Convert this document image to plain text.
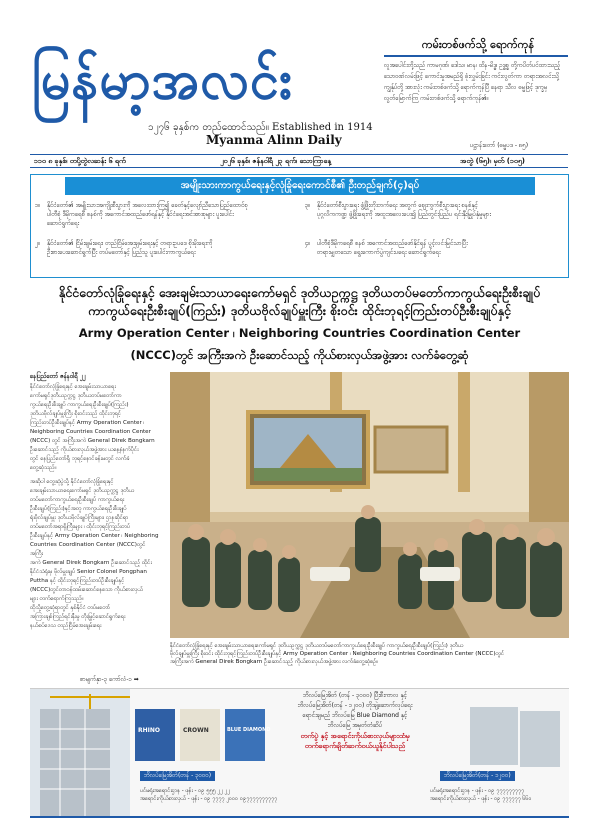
မြန်မာ့အလင်း
၁၂၇၆ ခုနှစ်က တည်ထောင်သည်။ Established in 1914
Myanma Alinn Daily
ကမ်းတစ်ဖက်သို့ ရောက်ကုန်
လူအပေါင်းတို့သည် ကာမဂုဏ်၊ ဒေါသ၊ မာန၊ ထိန-မိဒ္ဓ၊ ဥဒ္ဓစ္စ တို့ကပိတ်ပင်ထားသည့် သောဝဏ်လမ်းဖြင့် ကောင်းမှုအမည်ရှိ ဖုံးလွှမ်းခြင်း ကင်းလွတ်ကာ တရားအလင်းသို့ ကျွန်ုပ်တို့ အားလုံး ကမ်းတစ်ဖက်သို့ ရောက်ကုန်ပြီ နေရာ သီလ ဓမ္မဖြင့် ဒုက္ခမှ လွတ်မြောက်ကြ ကမ်းတစ်ဖက်သို့ ရောက်ကုန်၏။
ပဋ္ဌာန်းတော် (ဓမ္မပဒ - ၈၅)
၁၁၀ ၈ ခုနှစ်၊ တပို့တွဲလဆန်း ၆ ရက်	၂၀၂၆ ခုနှစ်၊ ဇန်နဝါရီ ၂၃ ရက်၊ သောကြာနေ့	အတွဲ (၆၅)၊ မှတ် (၁၀၅)
အမျိုးသားကာကွယ်ရေးနှင့်လုံခြုံရေးကောင်စီ၏ ဦးတည်ချက်(၄)ရပ်
၁။ နိုင်ငံတော်၏ အမျိုးသားအကျိုးစီးပွားကို အလေးထားကြ၍ ခေတ်နှင့်လျော်ညီသောပြည်ထောင်စု
ပါတီစုံ ဒီမိုကရေစီ စနစ်ကို အကောင်အထည်ဖော်ရန်နှင့် နိုင်ငံရေးအင်အားစုများ ပူးပေါင်း
ဆောင်ရွက်ရေး
၂။ နိုင်ငံတော်၏ ငြိမ်းချမ်းရေး၊ တည်ငြိမ်အေးချမ်းရေးနှင့် တရားဥပဒေ စိုးမိုးရေးကို
ဦးစားပေးဆောင်ရွက်ပြီး တပ်မတော်နှင့် ပြည်သူ ပူးပေါင်းကာကွယ်ရေး
၃။ နိုင်ငံတော်စီးပွားရေး ဖွံ့ဖြိုးတိုးတက်ရေး အတွက် ဈေးကွက်စီးပွားရေး စနစ်နှင့်
ပုဂ္ဂလိကကဏ္ဍ ဖွံ့ဖြိုးရေးကို အထူးအလေးပေး၍ ပြည်တွင်းပြည်ပ ရင်းနှီးမြှုပ်နှံမှုများ
၄။ ပါတီစုံဒီမိုကရေစီ စနစ် အကောင်အထည်ဖော်နိုင်ရန် ပွင့်လင်းမြင်သာပြီး
တရားမျှတသော ရွေးကောက်ပွဲကျင်းပရေး ဆောင်ရွက်ရေး
နိုင်ငံတော်လုံခြုံရေးနှင့် အေးချမ်းသာယာရေးကော်မရှင် ဒုတိယဥက္ကဋ္ဌ ဒုတိယတပ်မတော်ကာကွယ်ရေးဦးစီးချုပ်
ကာကွယ်ရေးဦးစီးချုပ်(ကြည်း) ဒုတိယဗိုလ်ချုပ်မှူးကြီး စိုးဝင်း ထိုင်းဘုရင့်ကြည်းတပ်ဦးစီးချုပ်နှင့်
Army Operation Center ၊ Neighboring Countries Coordination Center
(NCCC)တွင် အကြီးအကဲ ဦးဆောင်သည့် ကိုယ်စားလှယ်အဖွဲ့အား လက်ခံတွေ့ဆုံ
နေပြည်တော် ဇန်နဝါရီ ၂၂
နိုင်ငံတော်လုံခြုံရေးနှင့် အေးချမ်းသာယာရေး
ကော်မရှင်ဒုတိယဥက္ကဋ္ဌ ဒုတိယတပ်မတော်ကာ
ကွယ်ရေးဦးစီးချုပ် ကာကွယ်ရေးဦးစီးချုပ်(ကြည်း)
ဒုတိယဗိုလ်ချုပ်မှူးကြီး စိုးဝင်းသည် ထိုင်းဘုရင့်
ကြည်းတပ်ဦးစီးချုပ်နှင့် Army Operation Center ၊
Neighboring Countries Coordination Center
(NCCC) တွင် အကြီးအကဲ General Direk Bongkarn
ဦးဆောင်သည့် ကိုယ်စားလှယ်အဖွဲ့အား ယနေ့နံနက်ပိုင်း
တွင် နေပြည်တော်ရှိ ဘုရင့်နောင်ခန်းမတွင် လက်ခံ
တွေ့ဆုံသည်။
အဆိုပါ တွေ့ဆုံပွဲသို့ နိုင်ငံတော်လုံခြုံရေးနှင့်
အေးချမ်းသာယာရေးကော်မရှင် ဒုတိယဥက္ကဋ္ဌ ဒုတိယ
တပ်မတော်ကာကွယ်ရေးဦးစီးချုပ် ကာကွယ်ရေး
ဦးစီးချုပ်(ကြည်း)နှင့်အတူ ကာကွယ်ရေးဦးစီးချုပ်
ရုံးဗိုလ်ချုပ်မှူး ဒုတိယဗိုလ်ချုပ်ကြီးများ၊ ဌာနဆိုင်ရာ
တပ်မတော်အရာရှိကြီးများ ၊ ထိုင်းဘုရင့်ကြည်းတပ်
ဦးစီးချုပ်နှင့် Army Operation Center ၊ Neighboring
Countries Coordination Center (NCCC)တွင် အကြီး
အကဲ General Direk Bongkarn ဦးဆောင်သည့် ထိုင်း
နိုင်ငံသံရုံးမှ ဗိုလ်မှူးချုပ် Senior Colonel Pongphan
Puttha နှင့် ထိုင်းဘုရင့်ကြည်းတပ်ဦးစီးချုပ်နှင့်
(NCCC)တွင်တာဝန်ထမ်းဆောင်နေသော ကိုယ်စားလှယ်
များ တက်ရောက်ကြသည်။
ထိုသို့တွေ့ဆုံရာတွင် နှစ်နိုင်ငံ တပ်မတော်
အကြားချစ်ကြည်ရင်းနှီးမှု တိုးမြှင့်ဆောင်ရွက်ရေး
နယ်စပ်ဒေသ တည်ငြိမ်အေးချမ်းရေး
စာမျက်နှာ-၃ ကော်လံ-၁ ➡
နိုင်ငံတော်လုံခြုံရေးနှင့် အေးချမ်းသာယာရေးကော်မရှင် ဒုတိယဥက္ကဋ္ဌ ဒုတိယတပ်မတော်ကာကွယ်ရေးဦးစီးချုပ် ကာကွယ်ရေးဦးစီးချုပ်(ကြည်း) ဒုတိယ
ဗိုလ်ချုပ်မှူးကြီး စိုးဝင်း ထိုင်းဘုရင့်ကြည်းတပ်ဦးစီးချုပ်နှင့် Army Operation Center ၊ Neighboring Countries Coordination Center (NCCC)တွင်
အကြီးအကဲ General Direk Bongkarn ဦးဆောင်သည့် ကိုယ်စားလှယ်အဖွဲ့အား လက်ခံတွေ့ဆုံစဉ်။
RHINO	CROWN	BLUE DIAMOND
ဘိလပ်မြေအိတ် (တန် - ၃၀၀၀) ပြီးစီးကာလ နှင့်
ဘိလပ်မြေအိတ်(တန် - ၁၂၀၀) တိုးချဲ့ဆောက်လုပ်ရေး
ရောင်းချမည် ဘိလပ်မြေ Blue Diamond နှင့်
ဘိလပ်မြေ အမှတ်တံဆိပ်
တက်ပွဲ နှင့် အရောင်းကိုယ်စားလှယ်များထံမှ
တက်ရောက်ချိတ်ဆက်ဝယ်ယူနိုင်ပါသည်
ဘိလပ်မြေအိတ်(တန် - ၃၀၀၀)	ဘိလပ်မြေအိတ်(တန် - ၁၂၀၀)
ပင်မရုံးအရောင်းဌာန - ဖုန်း - ၀၉ ၅၅၅ ၂၂ ၂၂
အရောင်းကိုယ်စားလှယ် - ဖုန်း - ၀၉ ၇၇၇၇ ၂၀၀၀ ၀၉၇၇၇၇၇၇၇၇၇၇
ပင်မရုံးအရောင်းဌာန - ဖုန်း - ၀၉ ၇၇၇၇၇၇၇၇၇
အရောင်းကိုယ်စားလှယ် - ဖုန်း - ၀၉ ၇၇၇၇၇၇ ၆၆၀
